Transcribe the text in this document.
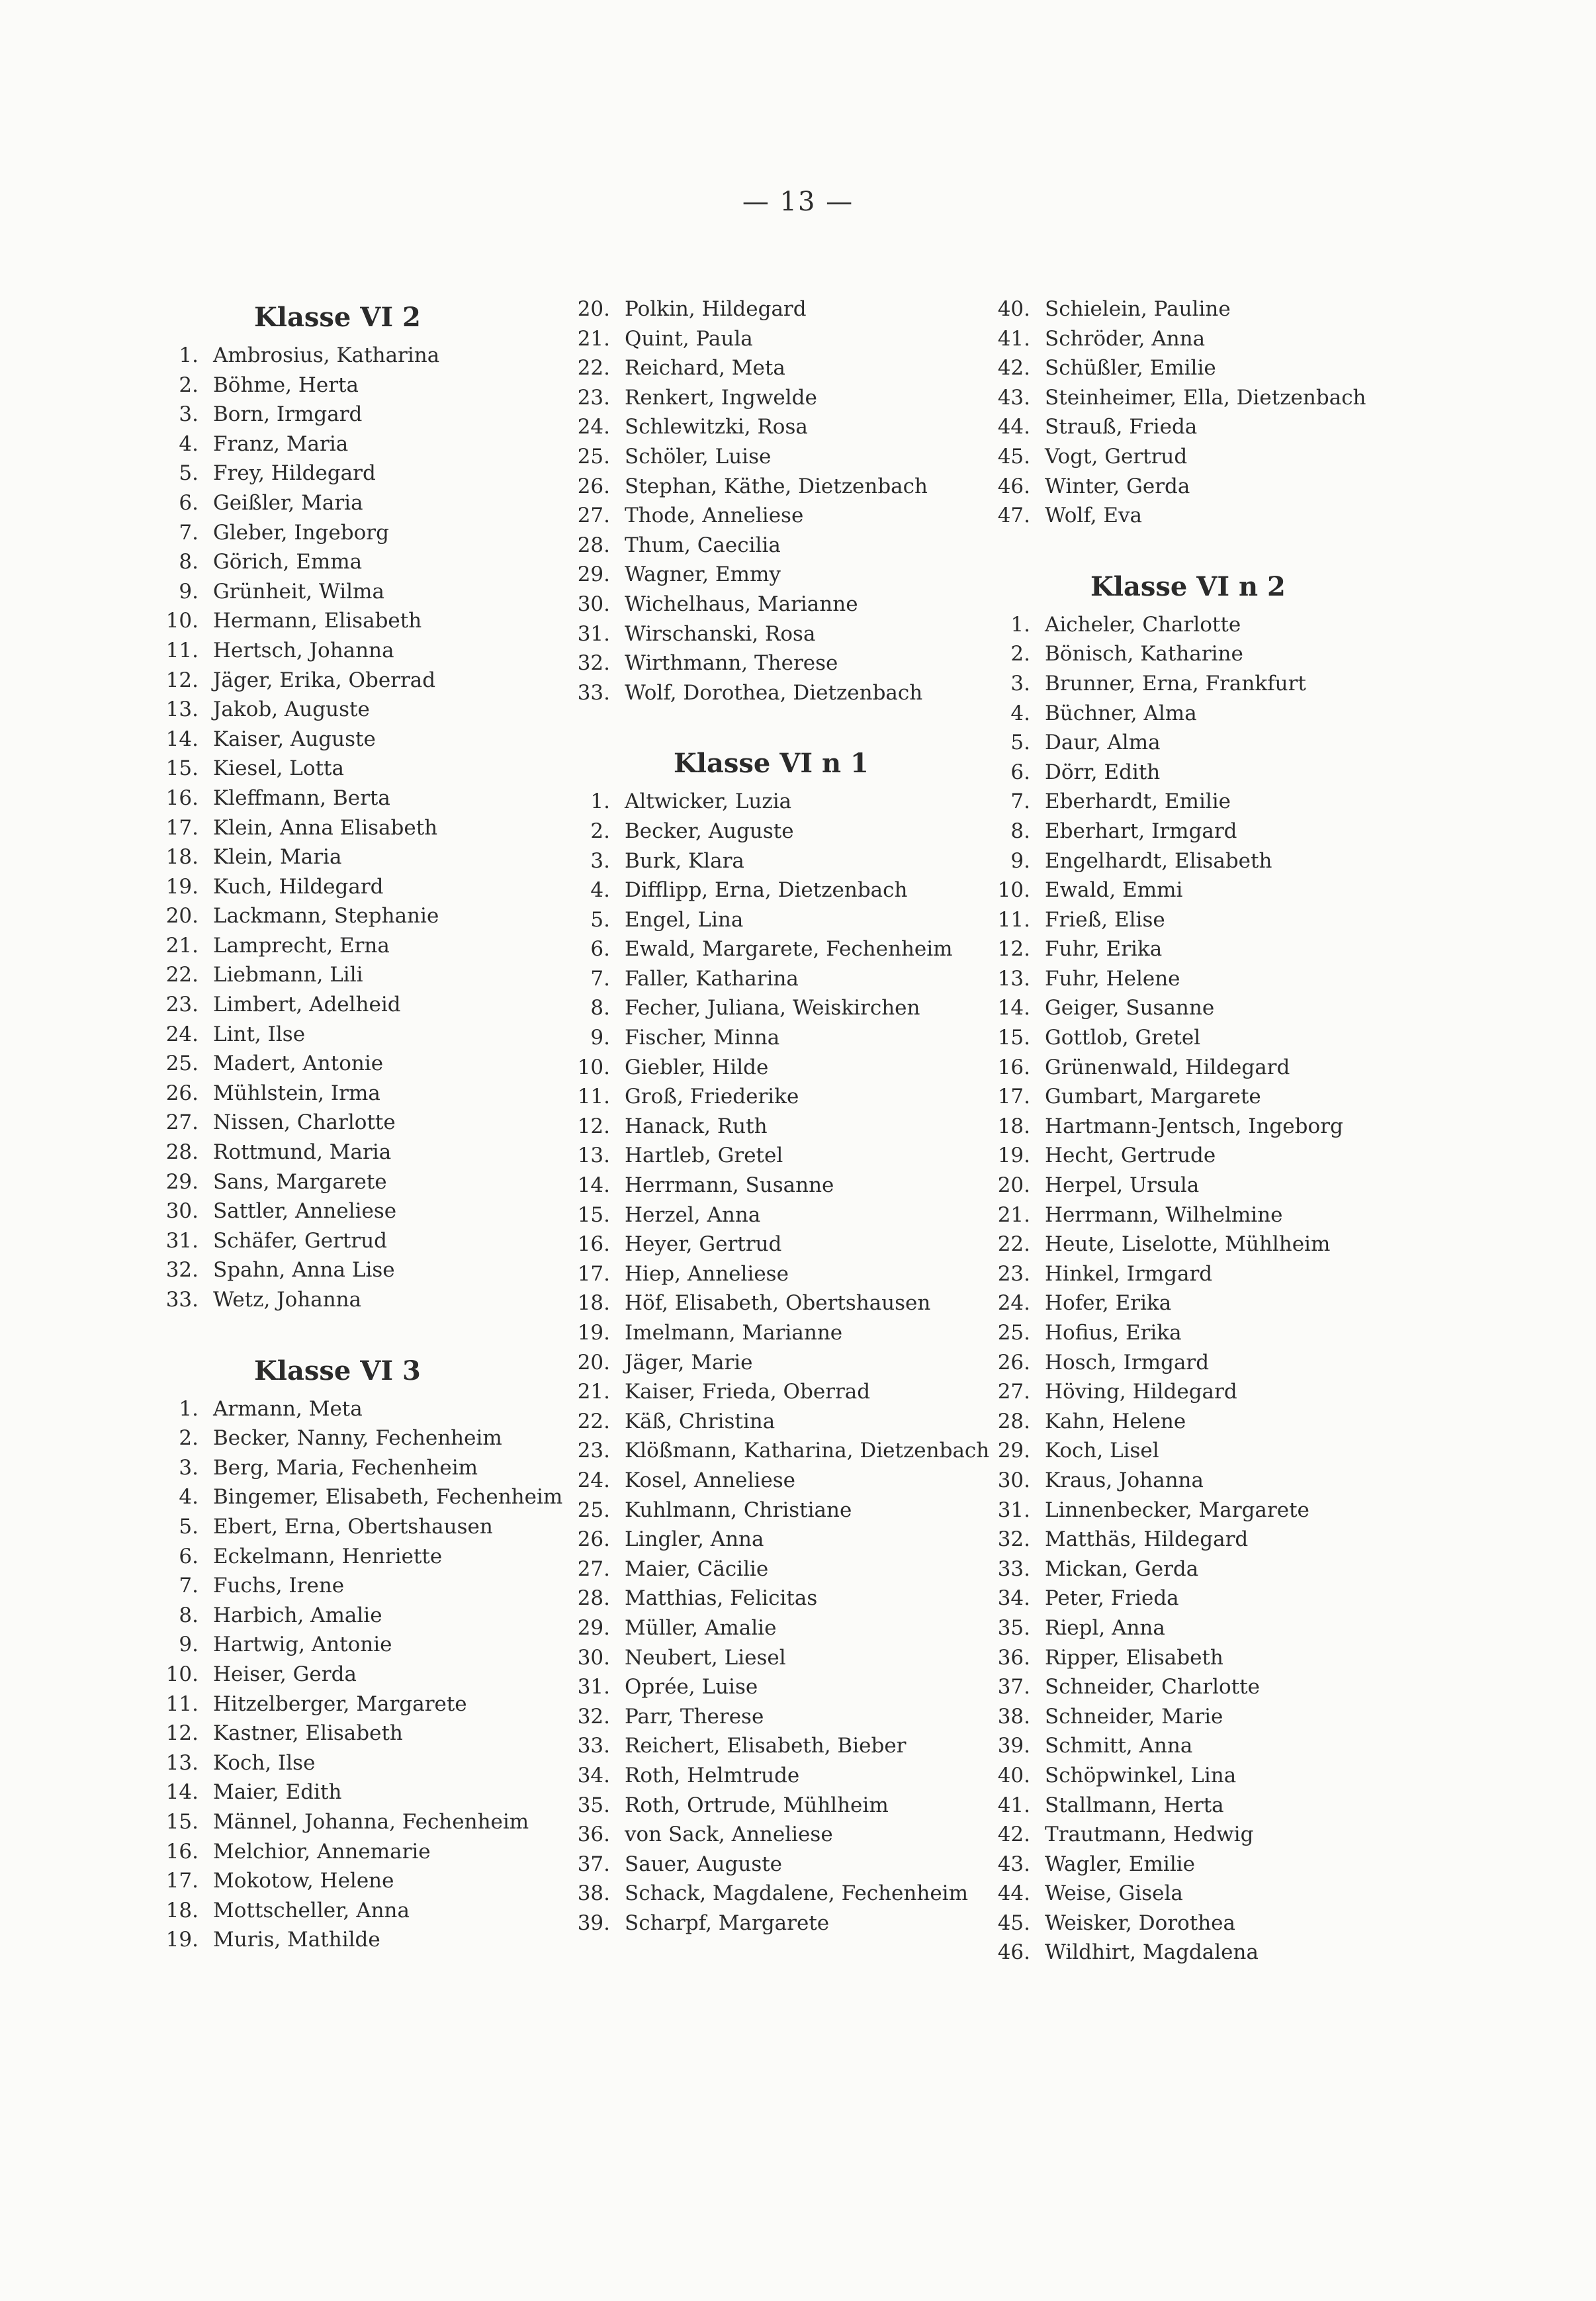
— 13 —
Klasse VI 2
1. Ambrosius, Katharina
2. Böhme, Herta
3. Born, Irmgard
4. Franz, Maria
5. Frey, Hildegard
6. Geißler, Maria
7. Gleber, Ingeborg
8. Görich, Emma
9. Grünheit, Wilma
10. Hermann, Elisabeth
11. Hertsch, Johanna
12. Jäger, Erika, Oberrad
13. Jakob, Auguste
14. Kaiser, Auguste
15. Kiesel, Lotta
16. Kleffmann, Berta
17. Klein, Anna Elisabeth
18. Klein, Maria
19. Kuch, Hildegard
20. Lackmann, Stephanie
21. Lamprecht, Erna
22. Liebmann, Lili
23. Limbert, Adelheid
24. Lint, Ilse
25. Madert, Antonie
26. Mühlstein, Irma
27. Nissen, Charlotte
28. Rottmund, Maria
29. Sans, Margarete
30. Sattler, Anneliese
31. Schäfer, Gertrud
32. Spahn, Anna Lise
33. Wetz, Johanna
Klasse VI 3
1. Armann, Meta
2. Becker, Nanny, Fechenheim
3. Berg, Maria, Fechenheim
4. Bingemer, Elisabeth, Fechenheim
5. Ebert, Erna, Obertshausen
6. Eckelmann, Henriette
7. Fuchs, Irene
8. Harbich, Amalie
9. Hartwig, Antonie
10. Heiser, Gerda
11. Hitzelberger, Margarete
12. Kastner, Elisabeth
13. Koch, Ilse
14. Maier, Edith
15. Männel, Johanna, Fechenheim
16. Melchior, Annemarie
17. Mokotow, Helene
18. Mottscheller, Anna
19. Muris, Mathilde
20. Polkin, Hildegard
21. Quint, Paula
22. Reichard, Meta
23. Renkert, Ingwelde
24. Schlewitzki, Rosa
25. Schöler, Luise
26. Stephan, Käthe, Dietzenbach
27. Thode, Anneliese
28. Thum, Caecilia
29. Wagner, Emmy
30. Wichelhaus, Marianne
31. Wirschanski, Rosa
32. Wirthmann, Therese
33. Wolf, Dorothea, Dietzenbach
Klasse VI n 1
1. Altwicker, Luzia
2. Becker, Auguste
3. Burk, Klara
4. Difflipp, Erna, Dietzenbach
5. Engel, Lina
6. Ewald, Margarete, Fechenheim
7. Faller, Katharina
8. Fecher, Juliana, Weiskirchen
9. Fischer, Minna
10. Giebler, Hilde
11. Groß, Friederike
12. Hanack, Ruth
13. Hartleb, Gretel
14. Herrmann, Susanne
15. Herzel, Anna
16. Heyer, Gertrud
17. Hiep, Anneliese
18. Höf, Elisabeth, Obertshausen
19. Imelmann, Marianne
20. Jäger, Marie
21. Kaiser, Frieda, Oberrad
22. Käß, Christina
23. Klößmann, Katharina, Dietzenbach
24. Kosel, Anneliese
25. Kuhlmann, Christiane
26. Lingler, Anna
27. Maier, Cäcilie
28. Matthias, Felicitas
29. Müller, Amalie
30. Neubert, Liesel
31. Oprée, Luise
32. Parr, Therese
33. Reichert, Elisabeth, Bieber
34. Roth, Helmtrude
35. Roth, Ortrude, Mühlheim
36. von Sack, Anneliese
37. Sauer, Auguste
38. Schack, Magdalene, Fechenheim
39. Scharpf, Margarete
40. Schielein, Pauline
41. Schröder, Anna
42. Schüßler, Emilie
43. Steinheimer, Ella, Dietzenbach
44. Strauß, Frieda
45. Vogt, Gertrud
46. Winter, Gerda
47. Wolf, Eva
Klasse VI n 2
1. Aicheler, Charlotte
2. Bönisch, Katharine
3. Brunner, Erna, Frankfurt
4. Büchner, Alma
5. Daur, Alma
6. Dörr, Edith
7. Eberhardt, Emilie
8. Eberhart, Irmgard
9. Engelhardt, Elisabeth
10. Ewald, Emmi
11. Frieß, Elise
12. Fuhr, Erika
13. Fuhr, Helene
14. Geiger, Susanne
15. Gottlob, Gretel
16. Grünenwald, Hildegard
17. Gumbart, Margarete
18. Hartmann-Jentsch, Ingeborg
19. Hecht, Gertrude
20. Herpel, Ursula
21. Herrmann, Wilhelmine
22. Heute, Liselotte, Mühlheim
23. Hinkel, Irmgard
24. Hofer, Erika
25. Hofius, Erika
26. Hosch, Irmgard
27. Höving, Hildegard
28. Kahn, Helene
29. Koch, Lisel
30. Kraus, Johanna
31. Linnenbecker, Margarete
32. Matthäs, Hildegard
33. Mickan, Gerda
34. Peter, Frieda
35. Riepl, Anna
36. Ripper, Elisabeth
37. Schneider, Charlotte
38. Schneider, Marie
39. Schmitt, Anna
40. Schöpwinkel, Lina
41. Stallmann, Herta
42. Trautmann, Hedwig
43. Wagler, Emilie
44. Weise, Gisela
45. Weisker, Dorothea
46. Wildhirt, Magdalena
